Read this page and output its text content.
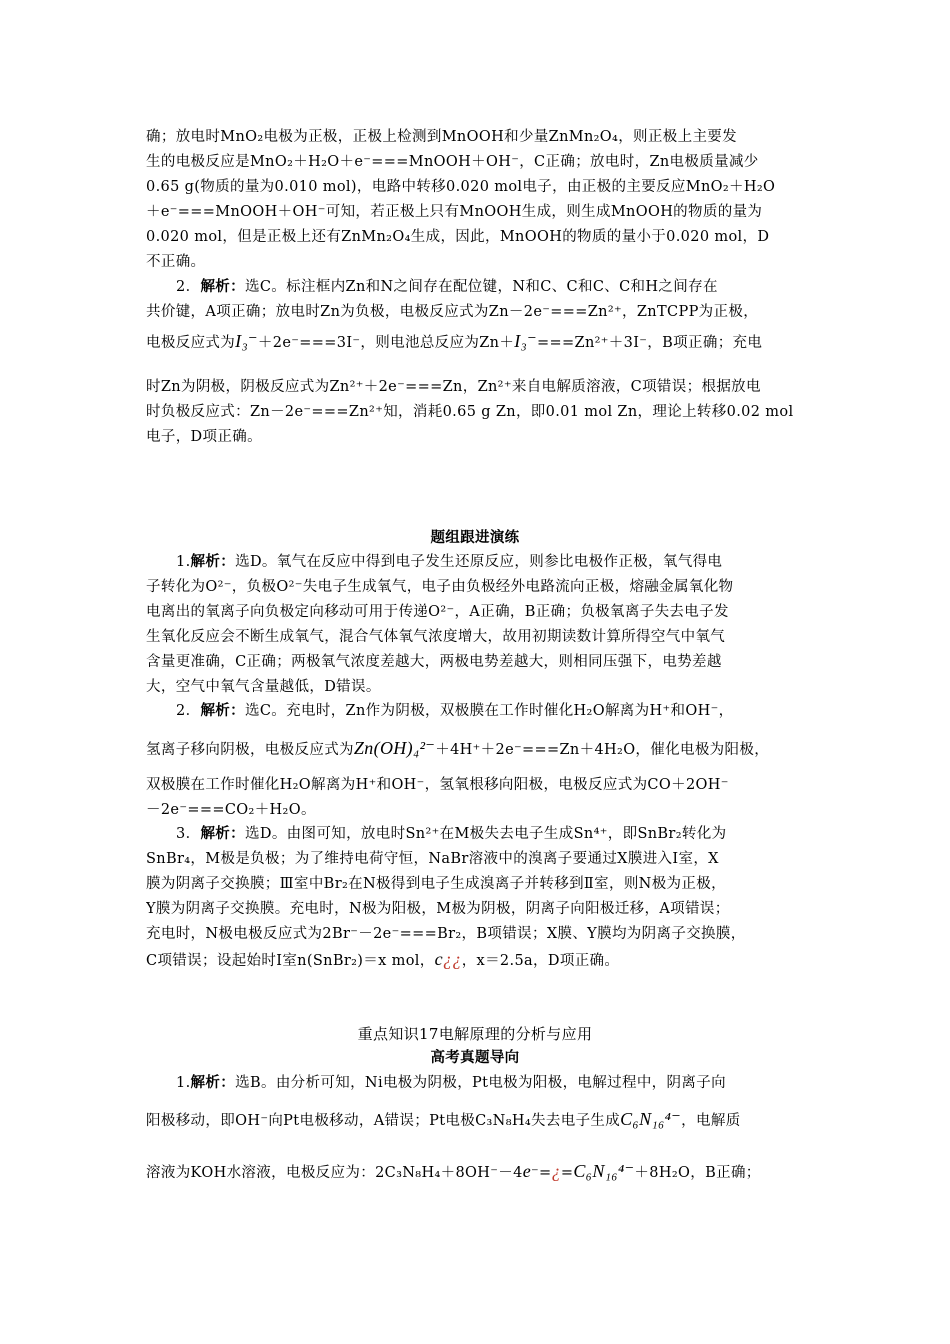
确；放电时MnO₂电极为正极，正极上检测到MnOOH和少量ZnMn₂O₄，则正极上主要发
生的电极反应是MnO₂＋H₂O＋e⁻===MnOOH＋OH⁻，C正确；放电时，Zn电极质量减少
0.65 g(物质的量为0.010 mol)，电路中转移0.020 mol电子，由正极的主要反应MnO₂＋H₂O
＋e⁻===MnOOH＋OH⁻可知，若正极上只有MnOOH生成，则生成MnOOH的物质的量为
0.020 mol，但是正极上还有ZnMn₂O₄生成，因此，MnOOH的物质的量小于0.020 mol，D
不正确。
2．解析：选C。标注框内Zn和N之间存在配位键，N和C、C和C、C和H之间存在
共价键，A项正确；放电时Zn为负极，电极反应式为Zn－2e⁻===Zn²⁺，ZnTCPP为正极，
电极反应式为I₃⁻＋2e⁻===3I⁻，则电池总反应为Zn＋I₃⁻===Zn²⁺＋3I⁻，B项正确；充电
时Zn为阴极，阴极反应式为Zn²⁺＋2e⁻===Zn，Zn²⁺来自电解质溶液，C项错误；根据放电
时负极反应式：Zn－2e⁻===Zn²⁺知，消耗0.65 g Zn，即0.01 mol Zn，理论上转移0.02 mol
电子，D项正确。
题组跟进演练
1.解析：选D。氧气在反应中得到电子发生还原反应，则参比电极作正极，氧气得电
子转化为O²⁻，负极O²⁻失电子生成氧气，电子由负极经外电路流向正极，熔融金属氧化物
电离出的氧离子向负极定向移动可用于传递O²⁻，A正确，B正确；负极氧离子失去电子发
生氧化反应会不断生成氧气，混合气体氧气浓度增大，故用初期读数计算所得空气中氧气
含量更准确，C正确；两极氧气浓度差越大，两极电势差越大，则相同压强下，电势差越
大，空气中氧气含量越低，D错误。
2．解析：选C。充电时，Zn作为阴极，双极膜在工作时催化H₂O解离为H⁺和OH⁻，
氢离子移向阴极，电极反应式为Zn(OH)₄²⁻＋4H⁺＋2e⁻===Zn＋4H₂O，催化电极为阳极，
双极膜在工作时催化H₂O解离为H⁺和OH⁻，氢氧根移向阳极，电极反应式为CO＋2OH⁻
－2e⁻===CO₂＋H₂O。
3．解析：选D。由图可知，放电时Sn²⁺在M极失去电子生成Sn⁴⁺，即SnBr₂转化为
SnBr₄，M极是负极；为了维持电荷守恒，NaBr溶液中的溴离子要通过X膜进入Ⅰ室，X
膜为阴离子交换膜；Ⅲ室中Br₂在N极得到电子生成溴离子并转移到Ⅱ室，则N极为正极，
Y膜为阴离子交换膜。充电时，N极为阳极，M极为阴极，阴离子向阳极迁移，A项错误；
充电时，N极电极反应式为2Br⁻－2e⁻===Br₂，B项错误；X膜、Y膜均为阴离子交换膜，
C项错误；设起始时Ⅰ室n(SnBr₂)＝x mol，c¿¿，x＝2.5a，D项正确。
重点知识17电解原理的分析与应用
高考真题导向
1.解析：选B。由分析可知，Ni电极为阴极，Pt电极为阳极，电解过程中，阴离子向
阳极移动，即OH⁻向Pt电极移动，A错误；Pt电极C₃N₈H₄失去电子生成C₆N₁₆⁴⁻，电解质
溶液为KOH水溶液，电极反应为：2C₃N₈H₄＋8OH⁻－4e⁻=¿=C₆N₁₆⁴⁻＋8H₂O，B正确；
